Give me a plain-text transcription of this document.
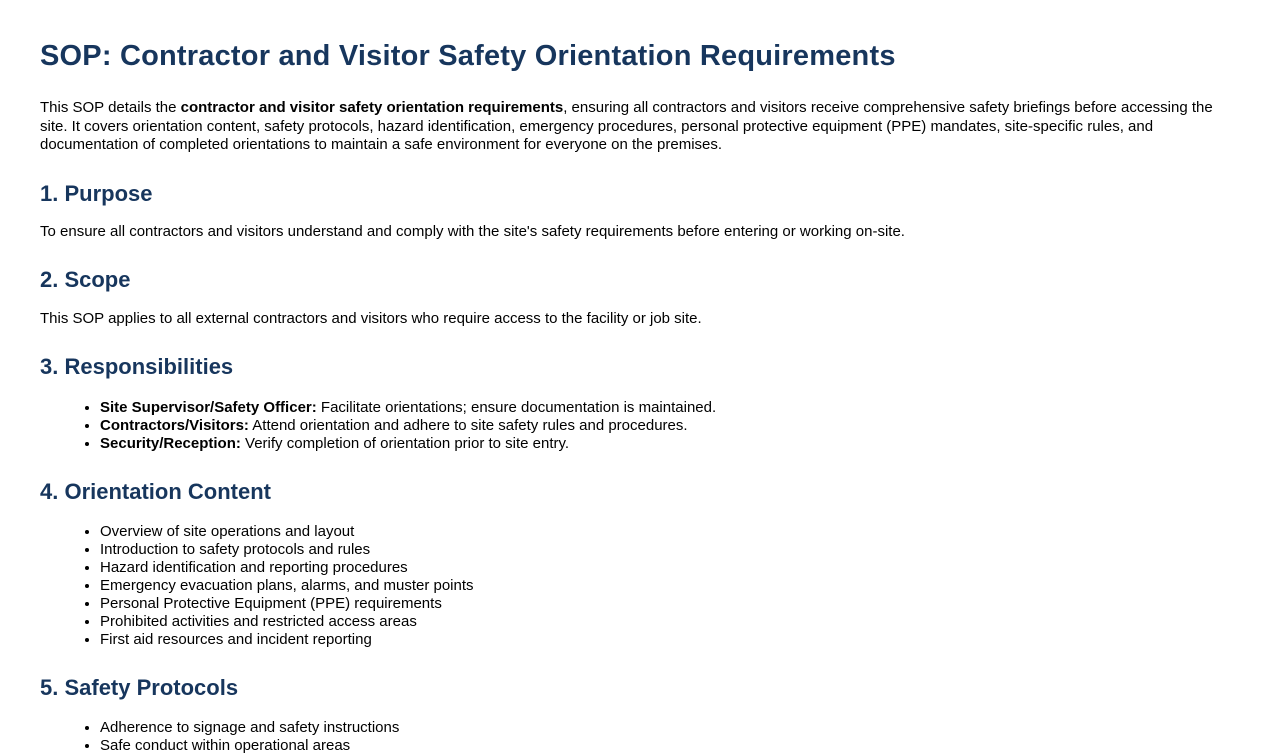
SOP: Contractor and Visitor Safety Orientation Requirements

This SOP details the contractor and visitor safety orientation requirements, ensuring all contractors and visitors receive comprehensive safety briefings before accessing the site. It covers orientation content, safety protocols, hazard identification, emergency procedures, personal protective equipment (PPE) mandates, site-specific rules, and documentation of completed orientations to maintain a safe environment for everyone on the premises.

1. Purpose

To ensure all contractors and visitors understand and comply with the site's safety requirements before entering or working on-site.

2. Scope

This SOP applies to all external contractors and visitors who require access to the facility or job site.

3. Responsibilities
• Site Supervisor/Safety Officer: Facilitate orientations; ensure documentation is maintained.
• Contractors/Visitors: Attend orientation and adhere to site safety rules and procedures.
• Security/Reception: Verify completion of orientation prior to site entry.
4. Orientation Content
• Overview of site operations and layout
• Introduction to safety protocols and rules
• Hazard identification and reporting procedures
• Emergency evacuation plans, alarms, and muster points
• Personal Protective Equipment (PPE) requirements
• Prohibited activities and restricted access areas
• First aid resources and incident reporting
5. Safety Protocols
• Adherence to signage and safety instructions
• Safe conduct within operational areas
